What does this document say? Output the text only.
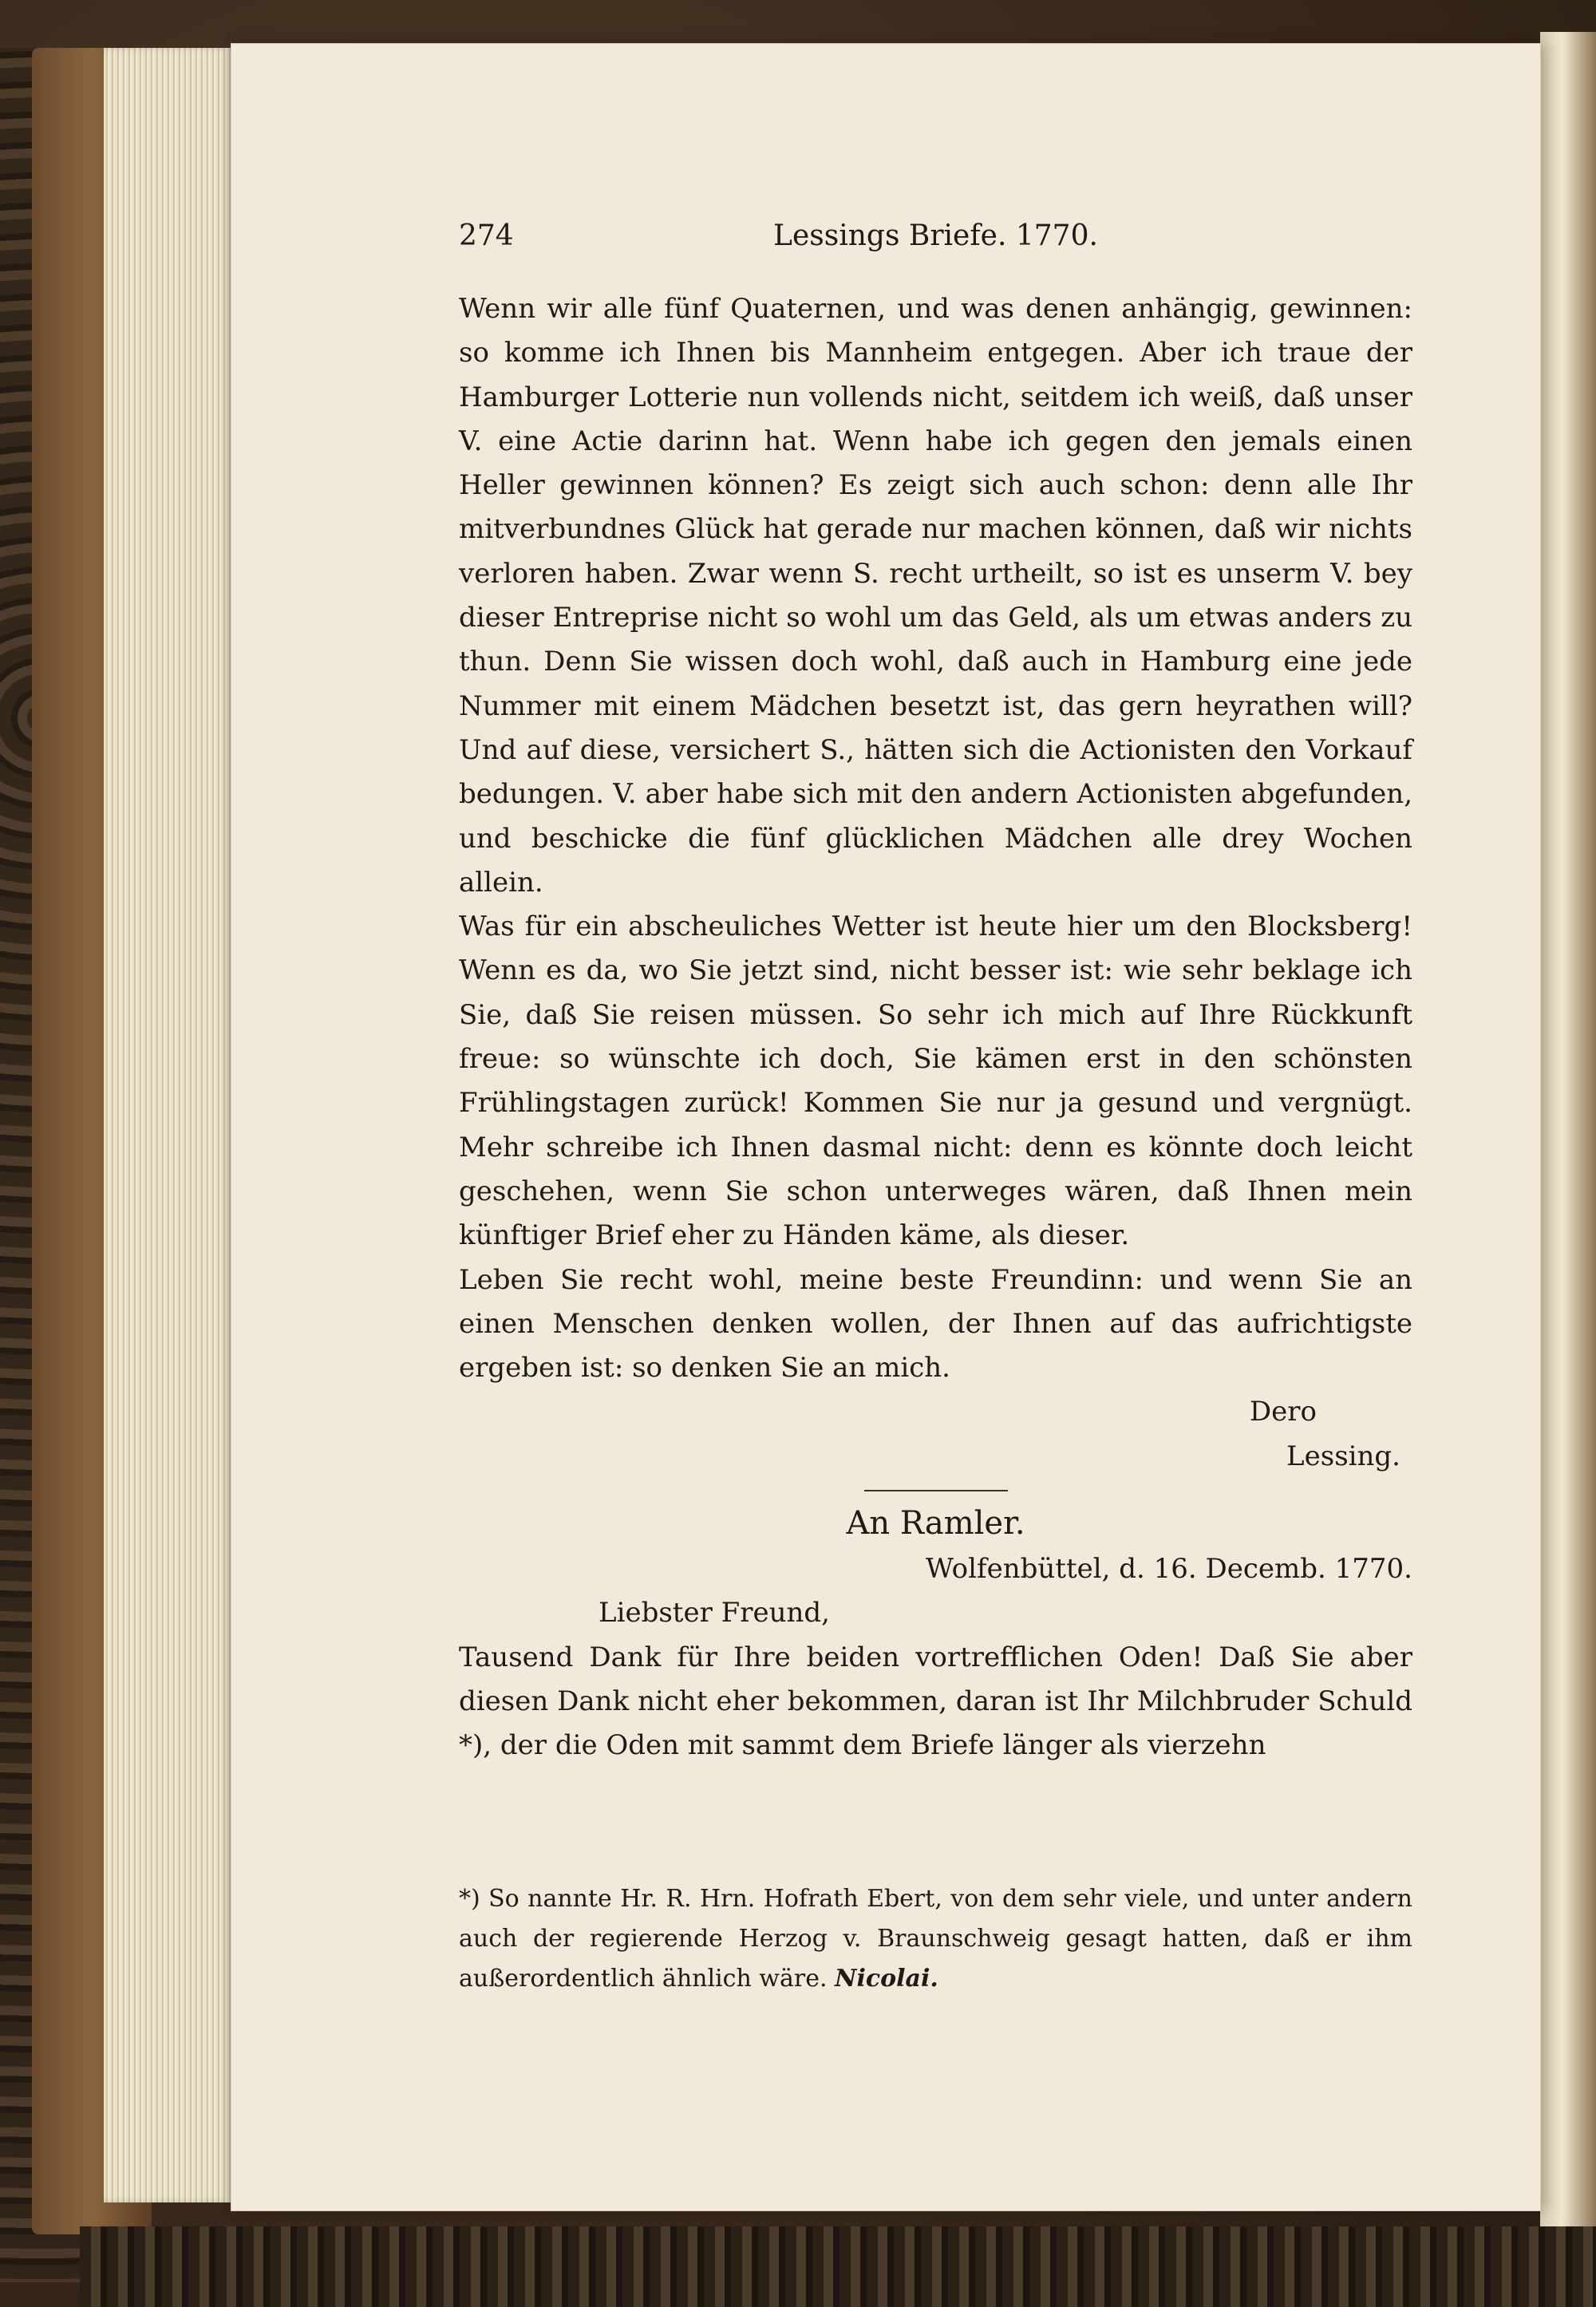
274	Lessings Briefe. 1770.

Wenn wir alle fünf Quaternen, und was denen anhängig, gewinnen: so komme ich Ihnen bis Mannheim entgegen. Aber ich traue der Hamburger Lotterie nun vollends nicht, seitdem ich weiß, daß unser V. eine Actie darinn hat. Wenn habe ich gegen den jemals einen Heller gewinnen können? Es zeigt sich auch schon: denn alle Ihr mitverbundnes Glück hat gerade nur machen können, daß wir nichts verloren haben. Zwar wenn S. recht urtheilt, so ist es unserm V. bey dieser Entreprise nicht so wohl um das Geld, als um etwas anders zu thun. Denn Sie wissen doch wohl, daß auch in Hamburg eine jede Nummer mit einem Mädchen besetzt ist, das gern heyrathen will? Und auf diese, versichert S., hätten sich die Actionisten den Vorkauf bedungen. V. aber habe sich mit den andern Actionisten abgefunden, und beschicke die fünf glücklichen Mädchen alle drey Wochen allein.

Was für ein abscheuliches Wetter ist heute hier um den Blocksberg! Wenn es da, wo Sie jetzt sind, nicht besser ist: wie sehr beklage ich Sie, daß Sie reisen müssen. So sehr ich mich auf Ihre Rückkunft freue: so wünschte ich doch, Sie kämen erst in den schönsten Frühlingstagen zurück! Kommen Sie nur ja gesund und vergnügt. Mehr schreibe ich Ihnen dasmal nicht: denn es könnte doch leicht geschehen, wenn Sie schon unterweges wären, daß Ihnen mein künftiger Brief eher zu Händen käme, als dieser.

Leben Sie recht wohl, meine beste Freundinn: und wenn Sie an einen Menschen denken wollen, der Ihnen auf das aufrichtigste ergeben ist: so denken Sie an mich.

Dero

Lessing.

An Ramler.

Wolfenbüttel, d. 16. Decemb. 1770.

Liebster Freund,

Tausend Dank für Ihre beiden vortrefflichen Oden! Daß Sie aber diesen Dank nicht eher bekommen, daran ist Ihr Milchbruder Schuld *), der die Oden mit sammt dem Briefe länger als vierzehn

*) So nannte Hr. R. Hrn. Hofrath Ebert, von dem sehr viele, und unter andern auch der regierende Herzog v. Braunschweig gesagt hatten, daß er ihm außerordentlich ähnlich wäre. Nicolai.
